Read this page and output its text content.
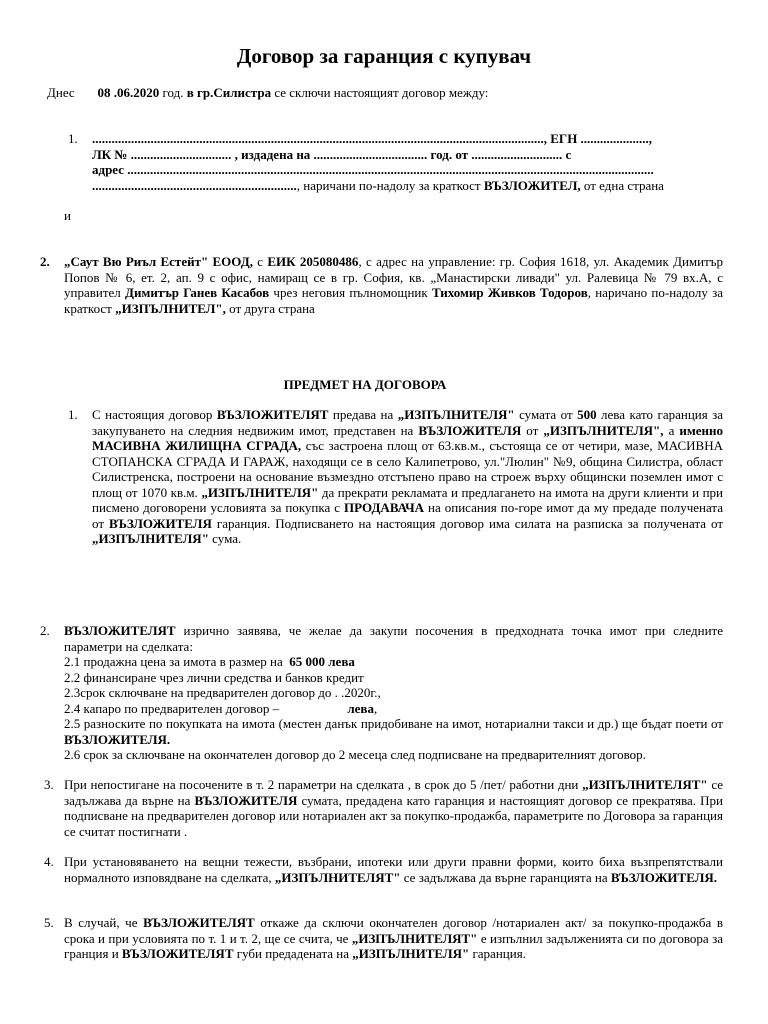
Договор за гаранция с купувач
Днес 08 .06.2020 год. в гр.Силистра се сключи настоящият договор между:
1. ..........................................................................................................................................., ЕГН .....................,
ЛК № ............................... , издадена на ................................... год. от ............................ с
адрес ..................................................................................................................................................................
..............................................................., наричани по-надолу за краткост ВЪЗЛОЖИТЕЛ, от една страна
и
2. „Саут Вю Риъл Естейт" ЕООД, с ЕИК 205080486, с адрес на управление: гр. София 1618, ул. Академик Димитър Попов № 6, ет. 2, ап. 9 с офис, намиращ се в гр. София, кв. „Манастирски ливади" ул. Ралевица № 79 вх.А, с управител Димитър Ганев Касабов чрез неговия пълномощник Тихомир Живков Тодоров, наричано по-надолу за краткост „ИЗПЪЛНИТЕЛ", от друга страна
ПРЕДМЕТ НА ДОГОВОРА
1. С настоящия договор ВЪЗЛОЖИТЕЛЯТ предава на „ИЗПЪЛНИТЕЛЯ" сумата от 500 лева като гаранция за закупуването на следния недвижим имот, представен на ВЪЗЛОЖИТЕЛЯ от „ИЗПЪЛНИТЕЛЯ", а именно МАСИВНА ЖИЛИЩНА СГРАДА, със застроена площ от 63.кв.м., състояща се от четири, мазе, МАСИВНА СТОПАНСКА СГРАДА И ГАРАЖ, находящи се в село Калипетрово, ул."Люлин" №9, община Силистра, област Силистренска, построени на основание възмездно отстъпено право на строеж върху общински поземлен имот с площ от 1070 кв.м. „ИЗПЪЛНИТЕЛЯ" да прекрати рекламата и предлагането на имота на други клиенти и при писмено договорени условията за покупка с ПРОДАВАЧА на описания по-горе имот да му предаде получената от ВЪЗЛОЖИТЕЛЯ гаранция. Подписването на настоящия договор има силата на разписка за получената от „ИЗПЪЛНИТЕЛЯ" сума.
2. ВЪЗЛОЖИТЕЛЯТ изрично заявява, че желае да закупи посочения в предходната точка имот при следните параметри на сделката:
2.1 продажна цена за имота в размер на 65 000 лева
2.2 финансиране чрез лични средства и банков кредит
2.3срок сключване на предварителен договор до . .2020г.,
2.4 капаро по предварителен договор –	лева,
2.5 разноските по покупката на имота (местен данък придобиване на имот, нотариални такси и др.) ще бъдат поети от ВЪЗЛОЖИТЕЛЯ.
2.6 срок за сключване на окончателен договор до 2 месеца след подписване на предварителният договор.
3. При непостигане на посочените в т. 2 параметри на сделката , в срок до 5 /пет/ работни дни „ИЗПЪЛНИТЕЛЯТ" се задължава да върне на ВЪЗЛОЖИТЕЛЯ сумата, предадена като гаранция и настоящият договор се прекратява. При подписване на предварителен договор или нотариален акт за покупко-продажба, параметрите по Договора за гаранция се считат постигнати .
4. При установяването на вещни тежести, възбрани, ипотеки или други правни форми, които биха възпрепятствали нормалното изповядване на сделката, „ИЗПЪЛНИТЕЛЯТ" се задължава да върне гаранцията на ВЪЗЛОЖИТЕЛЯ.
5. В случай, че ВЪЗЛОЖИТЕЛЯТ откаже да сключи окончателен договор /нотариален акт/ за покупко-продажба в срока и при условията по т. 1 и т. 2, ще се счита, че „ИЗПЪЛНИТЕЛЯТ" е изпълнил задълженията си по договора за гранция и ВЪЗЛОЖИТЕЛЯТ губи предадената на „ИЗПЪЛНИТЕЛЯ" гаранция.
